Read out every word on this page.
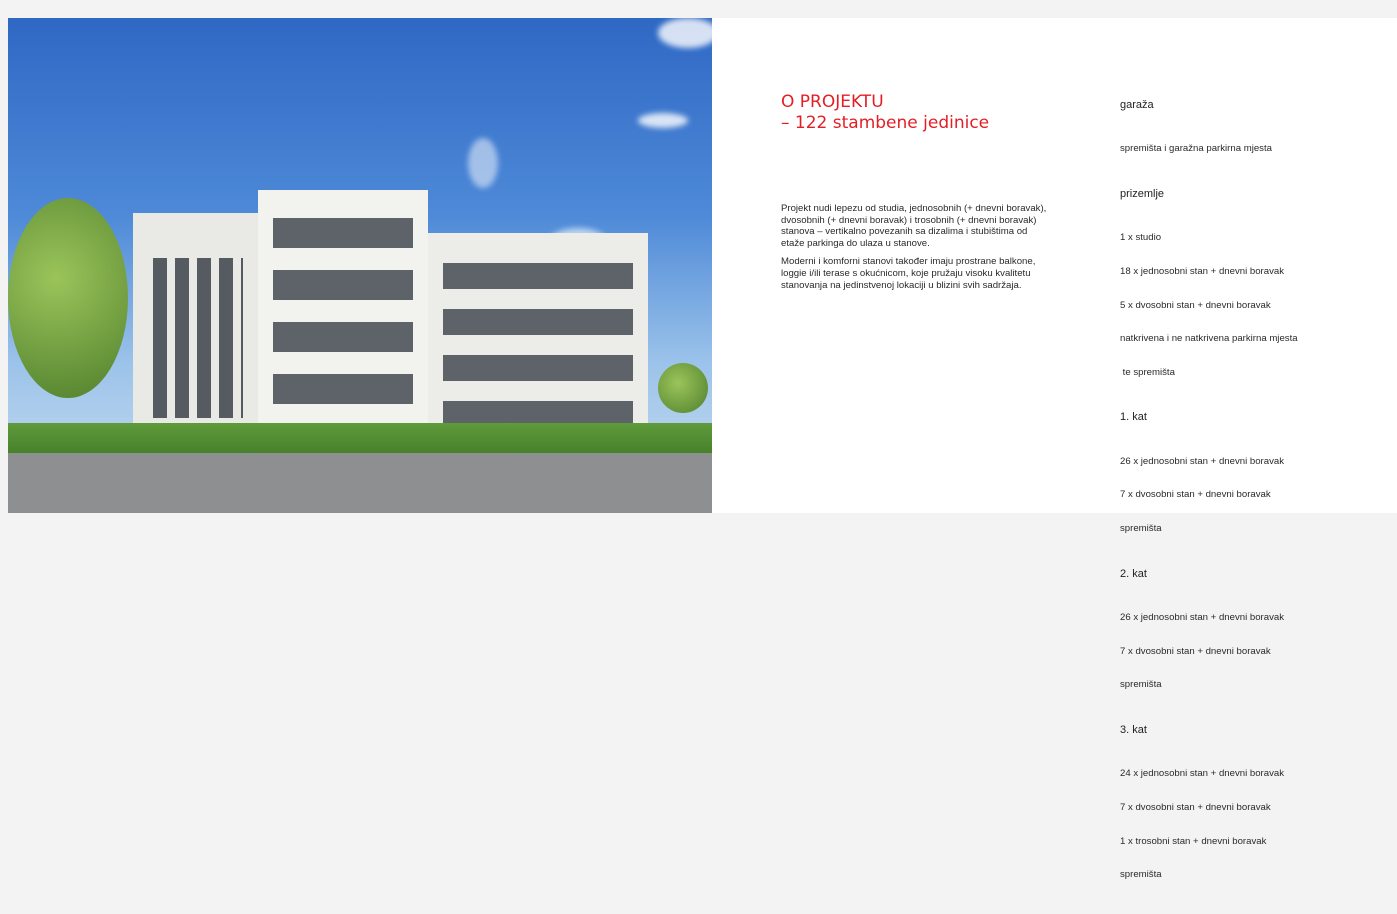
O PROJEKTU
– 122 stambene jedinice

Projekt nudi lepezu od studia, jednosobnih (+ dnevni boravak), dvosobnih (+ dnevni boravak) i trosobnih (+ dnevni boravak) stanova – vertikalno povezanih sa dizalima i stubištima od etaže parkinga do ulaza u stanove.

Moderni i komforni stanovi također imaju prostrane balkone, loggie i/ili terase s okućnicom, koje pružaju visoku kvalitetu stanovanja na jedinstvenoj lokaciji u blizini svih sadržaja.

garaža

spremišta i garažna parkirna mjesta

prizemlje

1 x studio

18 x jednosobni stan + dnevni boravak

5 x dvosobni stan + dnevni boravak

natkrivena i ne natkrivena parkirna mjesta

te spremišta

1. kat

26 x jednosobni stan + dnevni boravak

7 x dvosobni stan + dnevni boravak

spremišta

2. kat

26 x jednosobni stan + dnevni boravak

7 x dvosobni stan + dnevni boravak

spremišta

3. kat

24 x jednosobni stan + dnevni boravak

7 x dvosobni stan + dnevni boravak

1 x trosobni stan + dnevni boravak

spremišta
